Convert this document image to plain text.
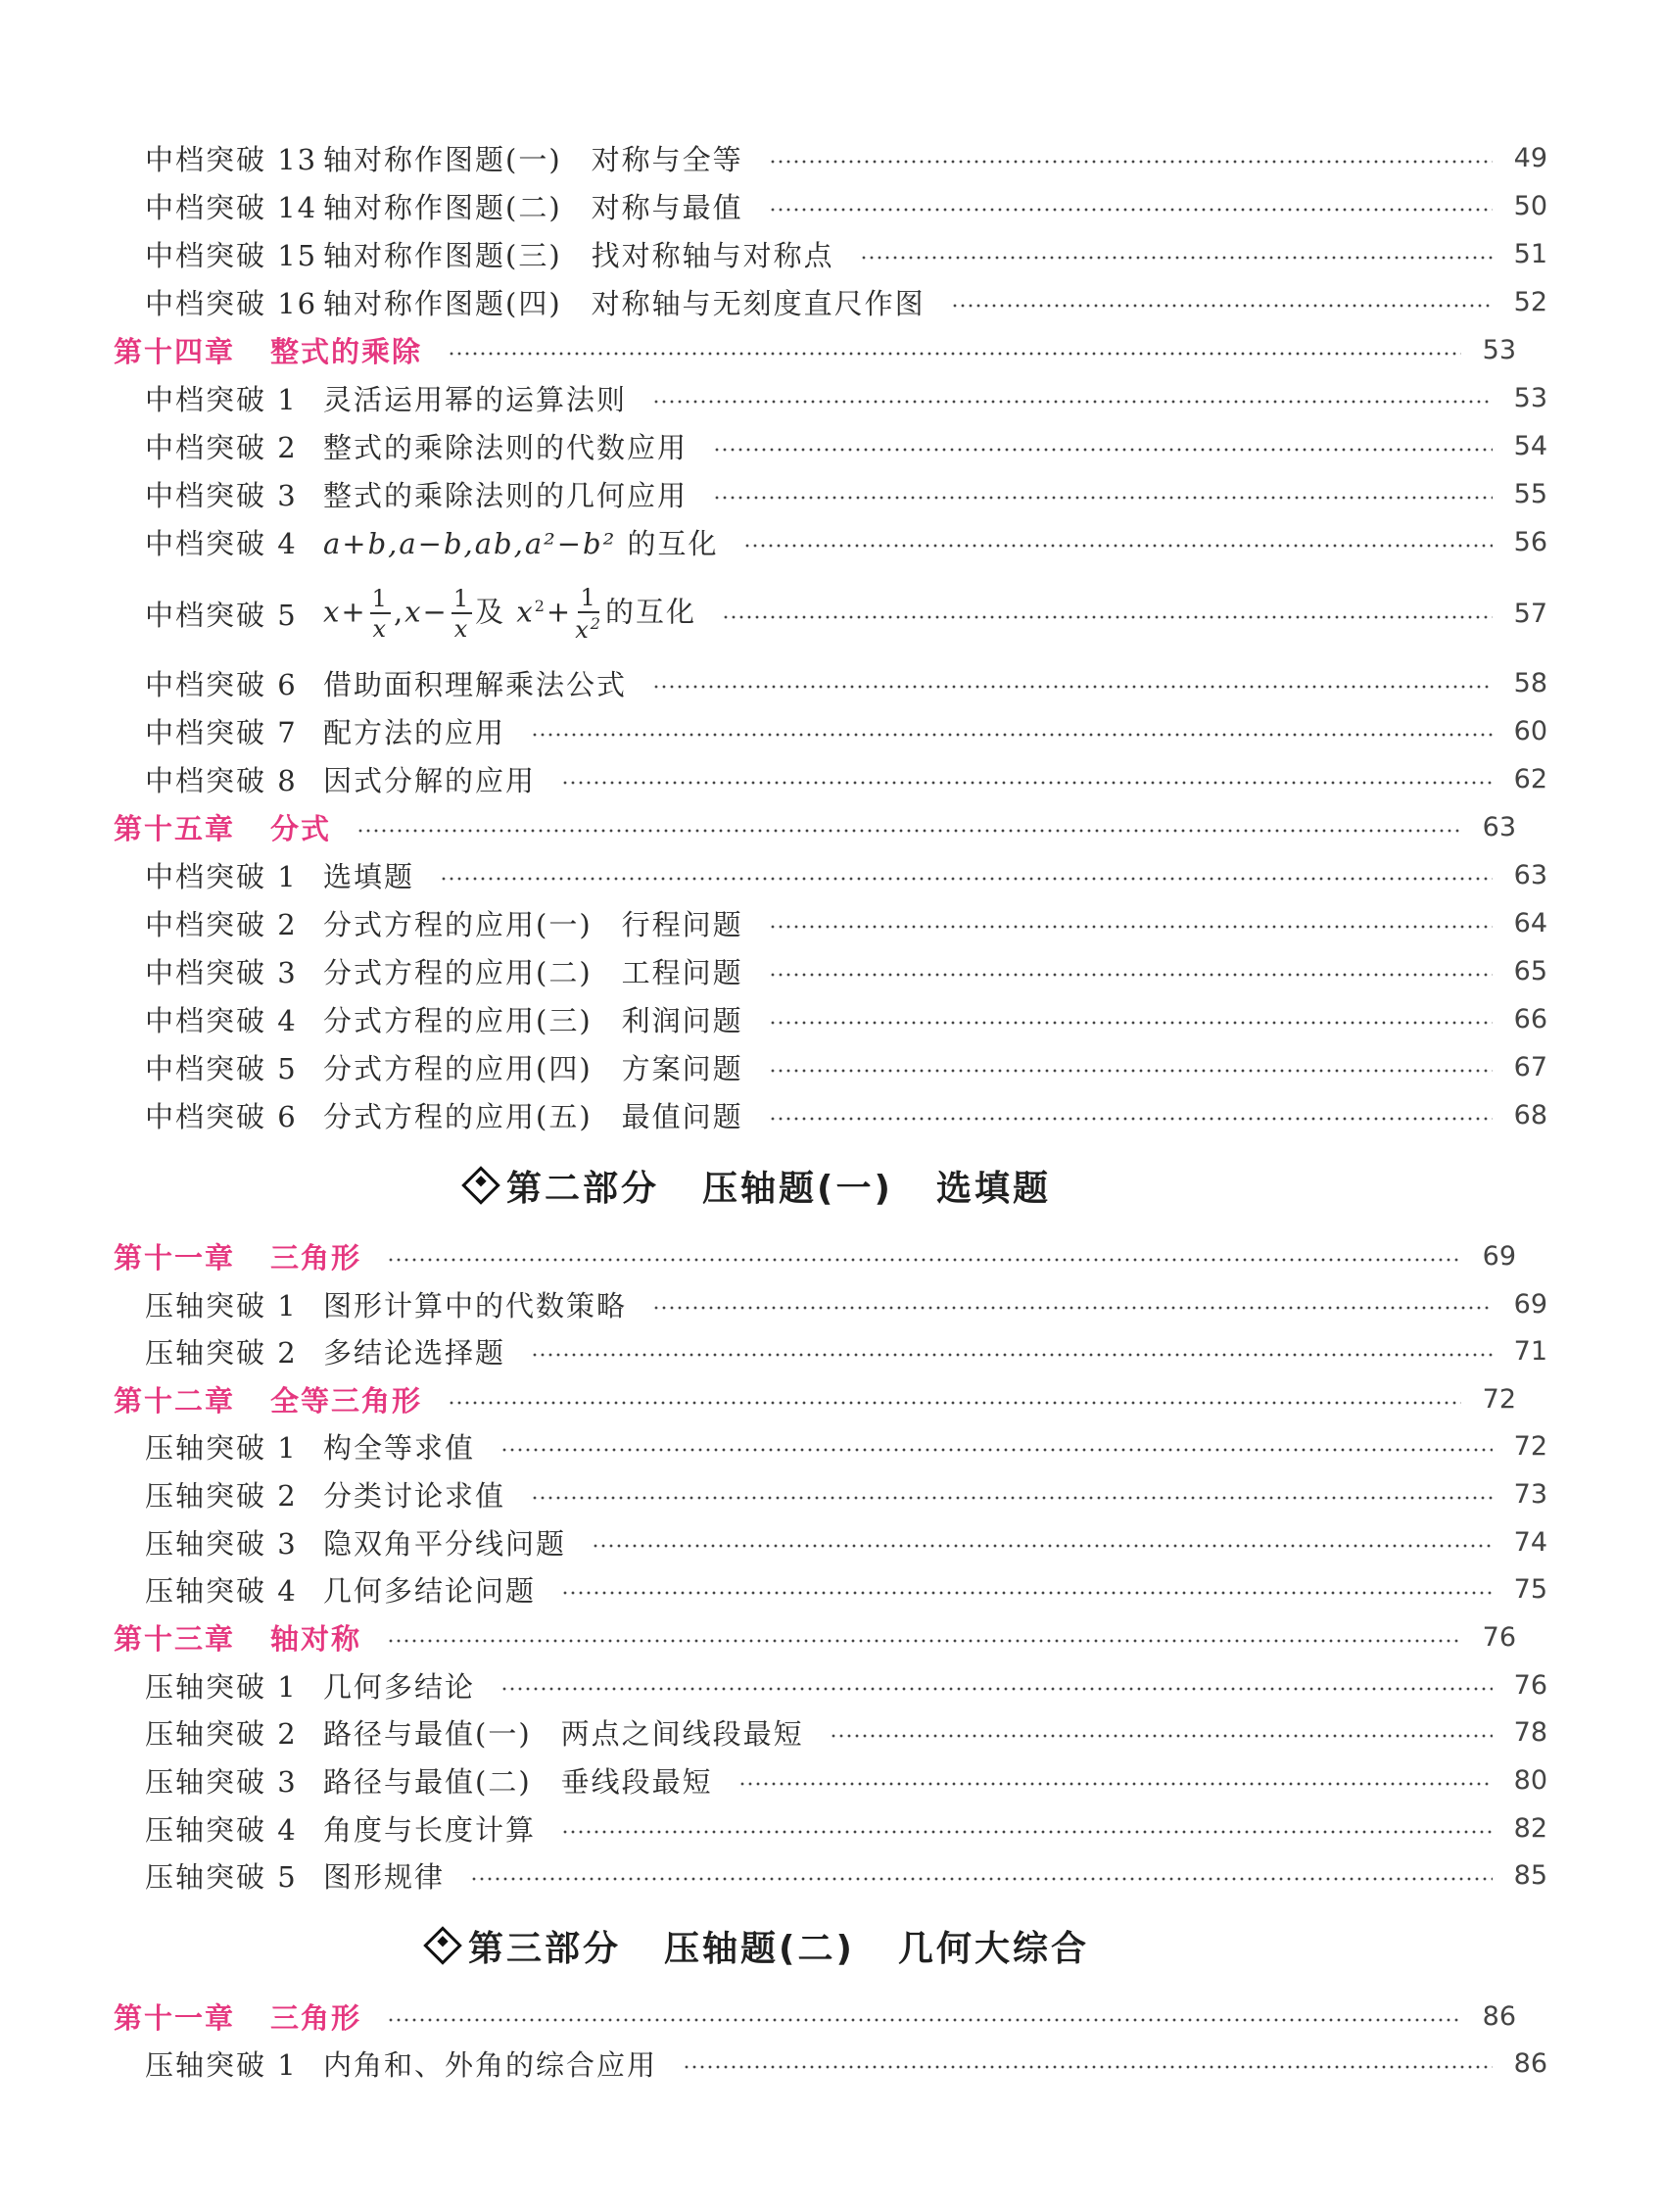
中档突破 13 轴对称作图题(一) 对称与全等	49
中档突破 14 轴对称作图题(二) 对称与最值	50
中档突破 15 轴对称作图题(三) 找对称轴与对称点	51
中档突破 16 轴对称作图题(四) 对称轴与无刻度直尺作图	52
第十四章	整式的乘除	53
中档突破 1 灵活运用幂的运算法则	53
中档突破 2 整式的乘除法则的代数应用	54
中档突破 3 整式的乘除法则的几何应用	55
中档突破 4 a+b,a−b,ab,a²−b² 的互化	56
中档突破 5 $x+ \frac{1}{x} ,x- \frac{1}{x}$ 及 $x^2+ \frac{1}{x^2}$ 的互化	57
中档突破 6 借助面积理解乘法公式	58
中档突破 7 配方法的应用	60
中档突破 8 因式分解的应用	62
第十五章	分式	63
中档突破 1 选填题	63
中档突破 2 分式方程的应用(一) 行程问题	64
中档突破 3 分式方程的应用(二) 工程问题	65
中档突破 4 分式方程的应用(三) 利润问题	66
中档突破 5 分式方程的应用(四) 方案问题	67
中档突破 6 分式方程的应用(五) 最值问题	68
第二部分 压轴题(一) 选填题
第十一章	三角形	69
压轴突破 1 图形计算中的代数策略	69
压轴突破 2 多结论选择题	71
第十二章	全等三角形	72
压轴突破 1 构全等求值	72
压轴突破 2 分类讨论求值	73
压轴突破 3 隐双角平分线问题	74
压轴突破 4 几何多结论问题	75
第十三章	轴对称	76
压轴突破 1 几何多结论	76
压轴突破 2 路径与最值(一) 两点之间线段最短	78
压轴突破 3 路径与最值(二) 垂线段最短	80
压轴突破 4 角度与长度计算	82
压轴突破 5 图形规律	85
第三部分 压轴题(二) 几何大综合
第十一章	三角形	86
压轴突破 1 内角和、外角的综合应用	86
